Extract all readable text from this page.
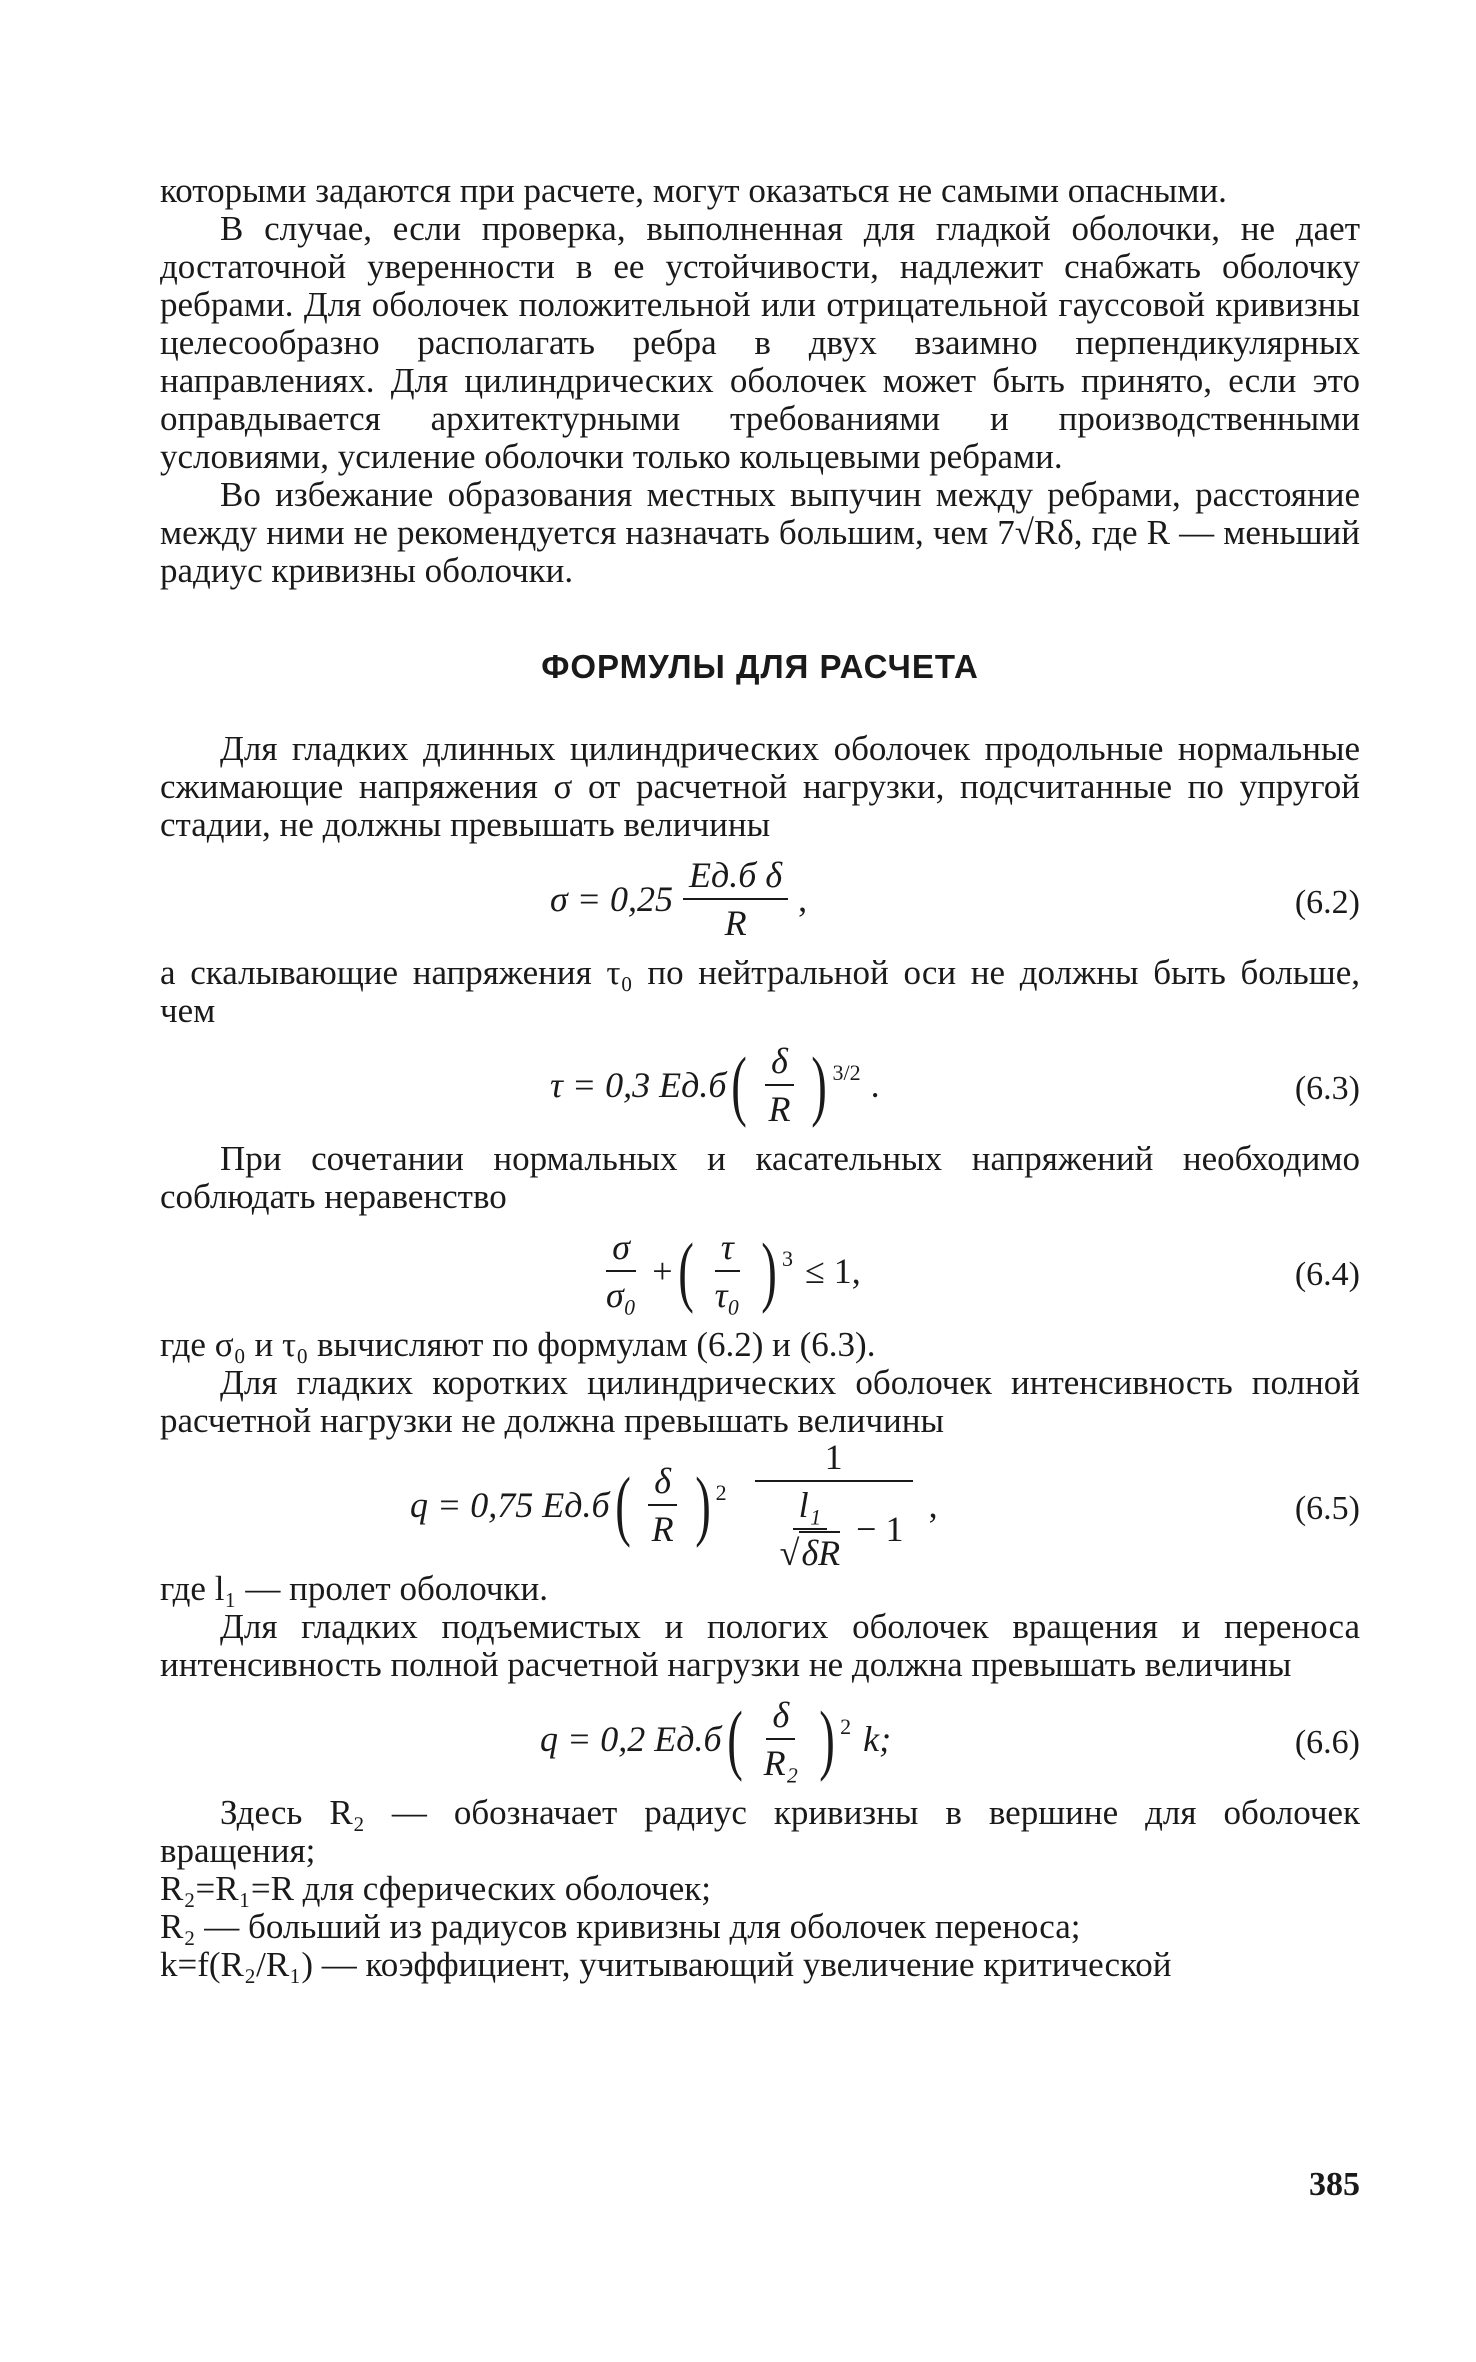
которыми задаются при расчете, могут оказаться не самыми опасными.

В случае, если проверка, выполненная для гладкой оболочки, не дает достаточной уверенности в ее устойчивости, надлежит снабжать оболочку ребрами. Для оболочек положительной или отрицательной гауссовой кривизны целесообразно располагать ребра в двух взаимно перпендикулярных направлениях. Для цилиндрических оболочек может быть принято, если это оправдывается архитектурными требованиями и производственными условиями, усиление оболочки только кольцевыми ребрами.

Во избежание образования местных выпучин между ребрами, расстояние между ними не рекомендуется назначать большим, чем 7√Rδ, где R — меньший радиус кривизны оболочки.

ФОРМУЛЫ ДЛЯ РАСЧЕТА

Для гладких длинных цилиндрических оболочек продольные нормальные сжимающие напряжения σ от расчетной нагрузки, подсчитанные по упругой стадии, не должны превышать величины

$\sigma = 0,25 \frac{\text{Eд.б δ}}{R}$ ,	(6.2)

а скалывающие напряжения τ₀ по нейтральной оси не должны быть больше, чем

τ = 0,3 Eд.б ( $\frac{\delta}{R}$ ) 3/2 .	(6.3)

При сочетании нормальных и касательных напряжений необходимо соблюдать неравенство

$\frac{\sigma}{\text{σ₀}}$ + ( $\frac{\tau}{\text{τ₀}}$ ) 3 ≤ 1,	(6.4)

где σ₀ и τ₀ вычисляют по формулам (6.2) и (6.3).

Для гладких коротких цилиндрических оболочек интенсивность полной расчетной нагрузки не должна превышать величины

q = 0,75 Eд.б ( $\frac{\delta}{R}$ ) $2 \frac{1}{\frac{\text{l₁}}{√\delta R} - 1}$ ,	(6.5)

где l₁ — пролет оболочки.

Для гладких подъемистых и пологих оболочек вращения и переноса интенсивность полной расчетной нагрузки не должна превышать величины

q = 0,2 Eд.б ( $\frac{\delta}{\text{R₂}}$ ) 2 k;	(6.6)

Здесь R₂ — обозначает радиус кривизны в вершине для оболочек вращения;

R₂=R₁=R для сферических оболочек;

R₂ — больший из радиусов кривизны для оболочек переноса;

k=f(R₂/R₁) — коэффициент, учитывающий увеличение критической

385
